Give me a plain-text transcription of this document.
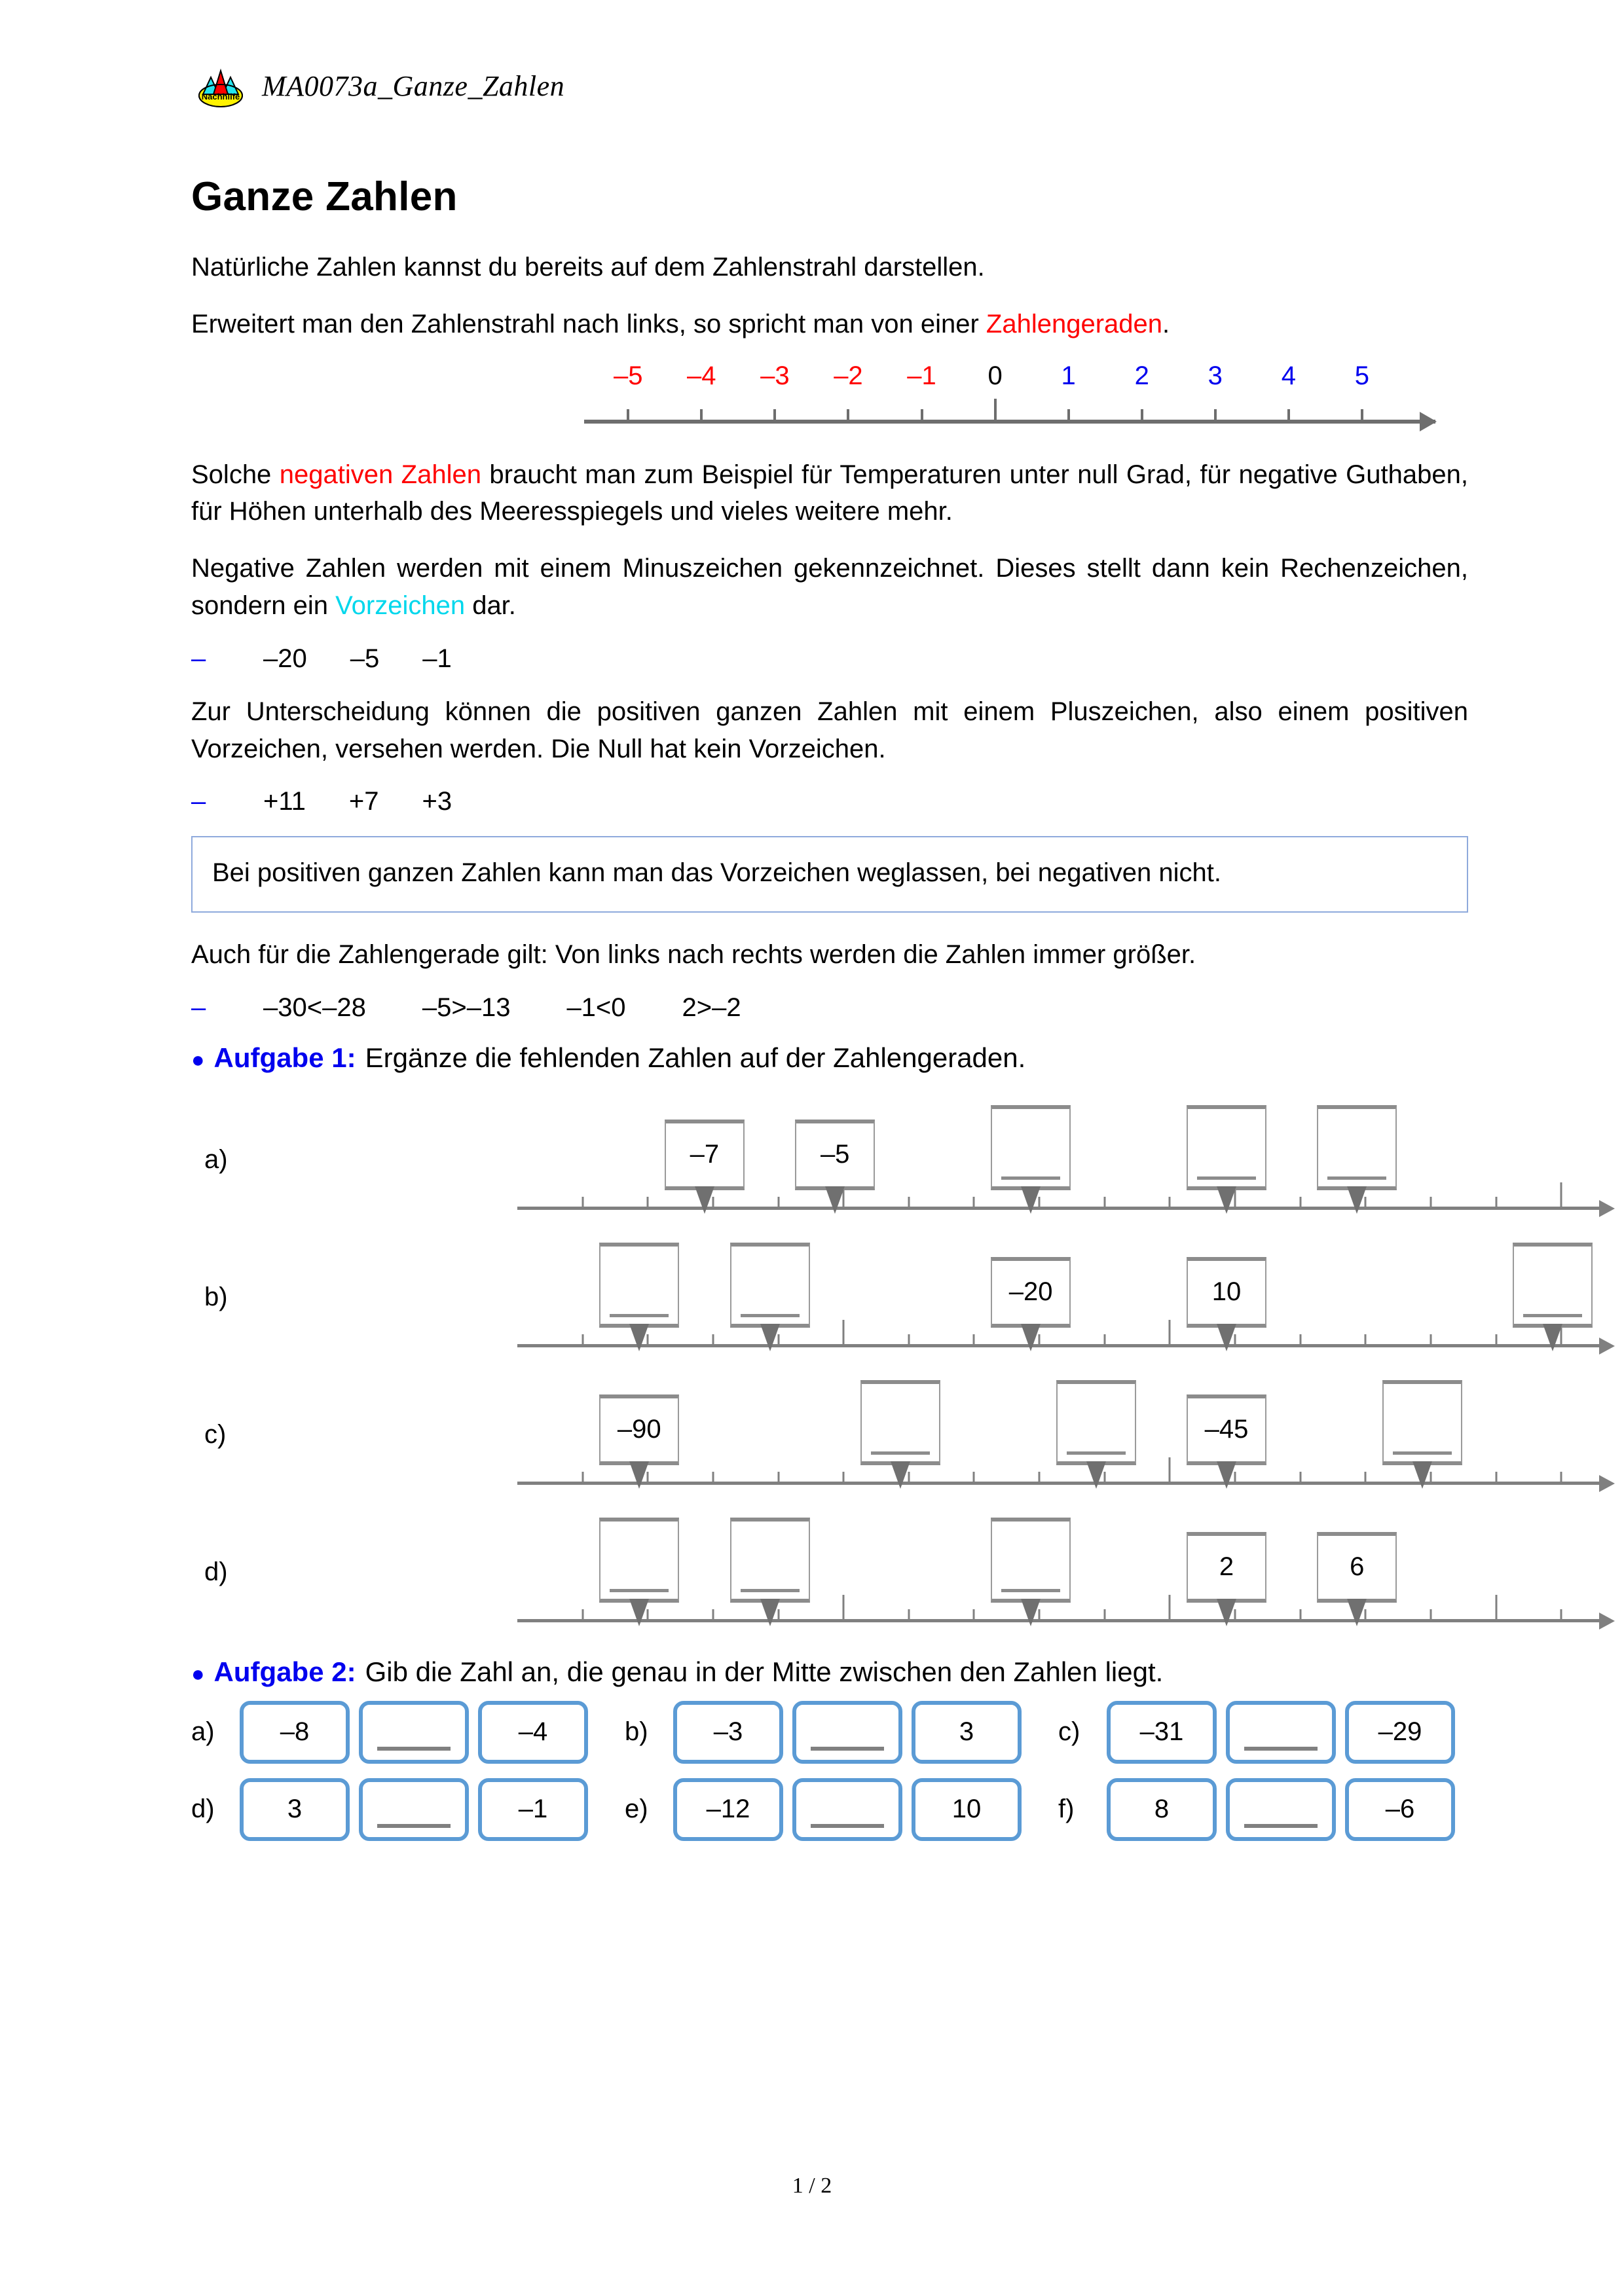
Nachhilfe MA0073a_Ganze_Zahlen
Ganze Zahlen

Natürliche Zahlen kannst du bereits auf dem Zahlenstrahl darstellen.

Erweitert man den Zahlenstrahl nach links, so spricht man von einer Zahlengeraden.

–5 –4 –3 –2 –1 0 1 2 3 4 5

Solche negativen Zahlen braucht man zum Beispiel für Temperaturen unter null Grad, für negative Guthaben, für Höhen unterhalb des Meeresspiegels und vieles weitere mehr.

Negative Zahlen werden mit einem Minuszeichen gekennzeichnet. Dieses stellt dann kein Rechenzeichen, sondern ein Vorzeichen dar.

–	–20 –5 –1

Zur Unterscheidung können die positiven ganzen Zahlen mit einem Pluszeichen, also einem positiven Vorzeichen, versehen werden. Die Null hat kein Vorzeichen.

–	+11 +7 +3

Bei positiven ganzen Zahlen kann man das Vorzeichen weglassen, bei negativen nicht.

Auch für die Zahlengerade gilt: Von links nach rechts werden die Zahlen immer größer.

–	–30<–28 –5>–13 –1<0 2>–2
● Aufgabe 1: Ergänze die fehlenden Zahlen auf der Zahlengeraden.
a)	–7	–5
b)	–20	10
c)	–90	–45
d)	2	6
● Aufgabe 2: Gib die Zahl an, die genau in der Mitte zwischen den Zahlen liegt.
a)	–8	–4	b)	–3	3	c)	–31	–29
d)	3	–1	e)	–12	10	f)	8	–6
1 / 2
